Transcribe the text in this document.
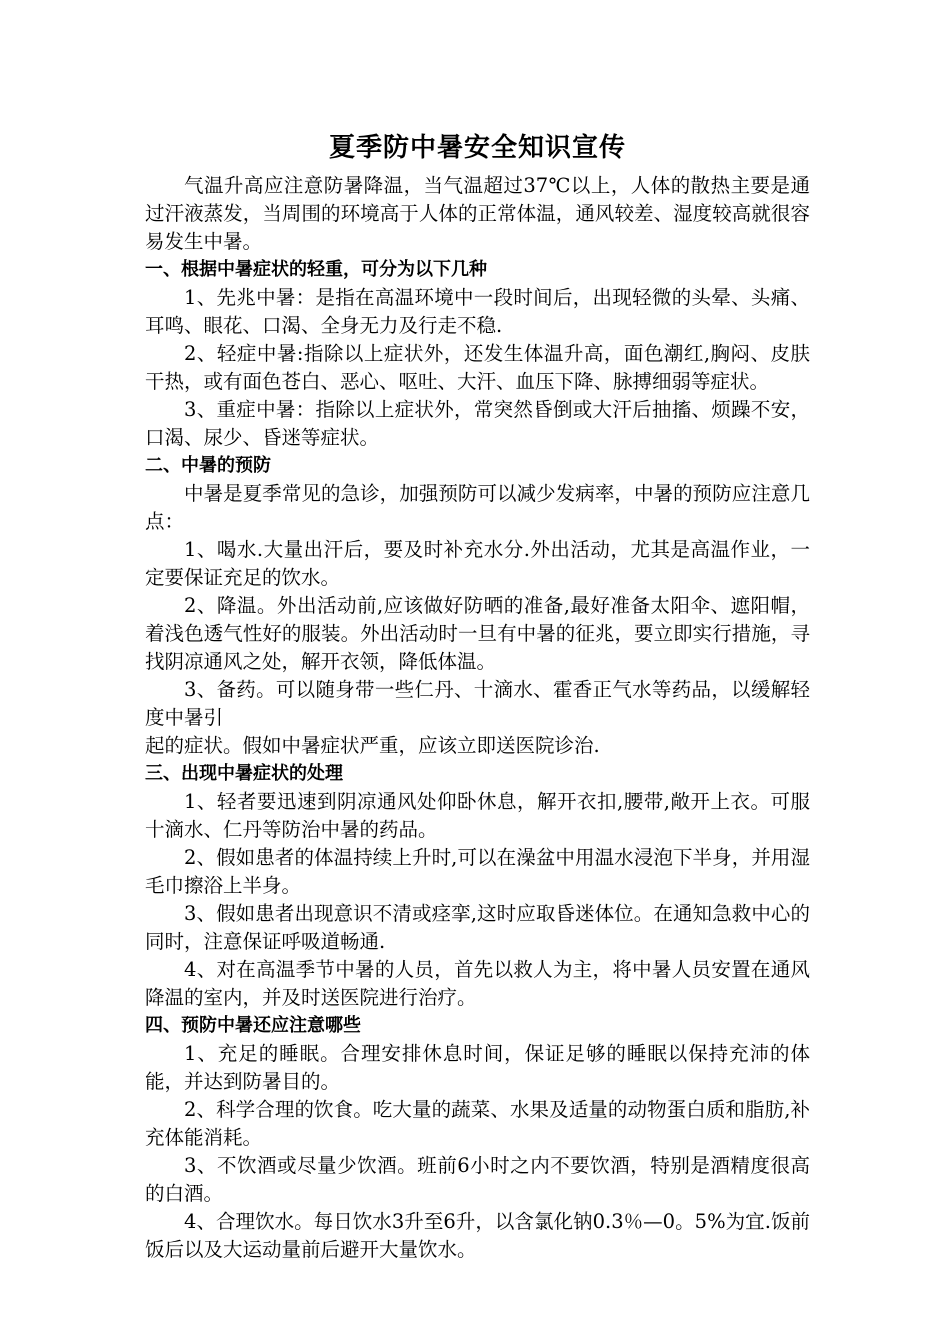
夏季防中暑安全知识宣传

气温升高应注意防暑降温，当气温超过37℃以上，人体的散热主要是通过汗液蒸发，当周围的环境高于人体的正常体温，通风较差、湿度较高就很容易发生中暑。

一、根据中暑症状的轻重，可分为以下几种

1、先兆中暑：是指在高温环境中一段时间后，出现轻微的头晕、头痛、耳鸣、眼花、口渴、全身无力及行走不稳.

2、轻症中暑:指除以上症状外，还发生体温升高，面色潮红,胸闷、皮肤干热，或有面色苍白、恶心、呕吐、大汗、血压下降、脉搏细弱等症状。

3、重症中暑：指除以上症状外，常突然昏倒或大汗后抽搐、烦躁不安，口渴、尿少、昏迷等症状。

二、中暑的预防

中暑是夏季常见的急诊，加强预防可以减少发病率，中暑的预防应注意几点：

1、喝水.大量出汗后，要及时补充水分.外出活动，尤其是高温作业，一定要保证充足的饮水。

2、降温。外出活动前,应该做好防晒的准备,最好准备太阳伞、遮阳帽，着浅色透气性好的服装。外出活动时一旦有中暑的征兆，要立即实行措施，寻找阴凉通风之处，解开衣领，降低体温。

3、备药。可以随身带一些仁丹、十滴水、霍香正气水等药品，以缓解轻度中暑引

起的症状。假如中暑症状严重，应该立即送医院诊治.

三、出现中暑症状的处理

1、轻者要迅速到阴凉通风处仰卧休息，解开衣扣,腰带,敞开上衣。可服十滴水、仁丹等防治中暑的药品。

2、假如患者的体温持续上升时,可以在澡盆中用温水浸泡下半身，并用湿毛巾擦浴上半身。

3、假如患者出现意识不清或痉挛,这时应取昏迷体位。在通知急救中心的同时，注意保证呼吸道畅通.

4、对在高温季节中暑的人员，首先以救人为主，将中暑人员安置在通风降温的室内，并及时送医院进行治疗。

四、预防中暑还应注意哪些

1、充足的睡眠。合理安排休息时间，保证足够的睡眠以保持充沛的体能，并达到防暑目的。

2、科学合理的饮食。吃大量的蔬菜、水果及适量的动物蛋白质和脂肪,补充体能消耗。

3、不饮酒或尽量少饮酒。班前6小时之内不要饮酒，特别是酒精度很高的白酒。

4、合理饮水。每日饮水3升至6升，以含氯化钠0.3％—0。5%为宜.饭前饭后以及大运动量前后避开大量饮水。
